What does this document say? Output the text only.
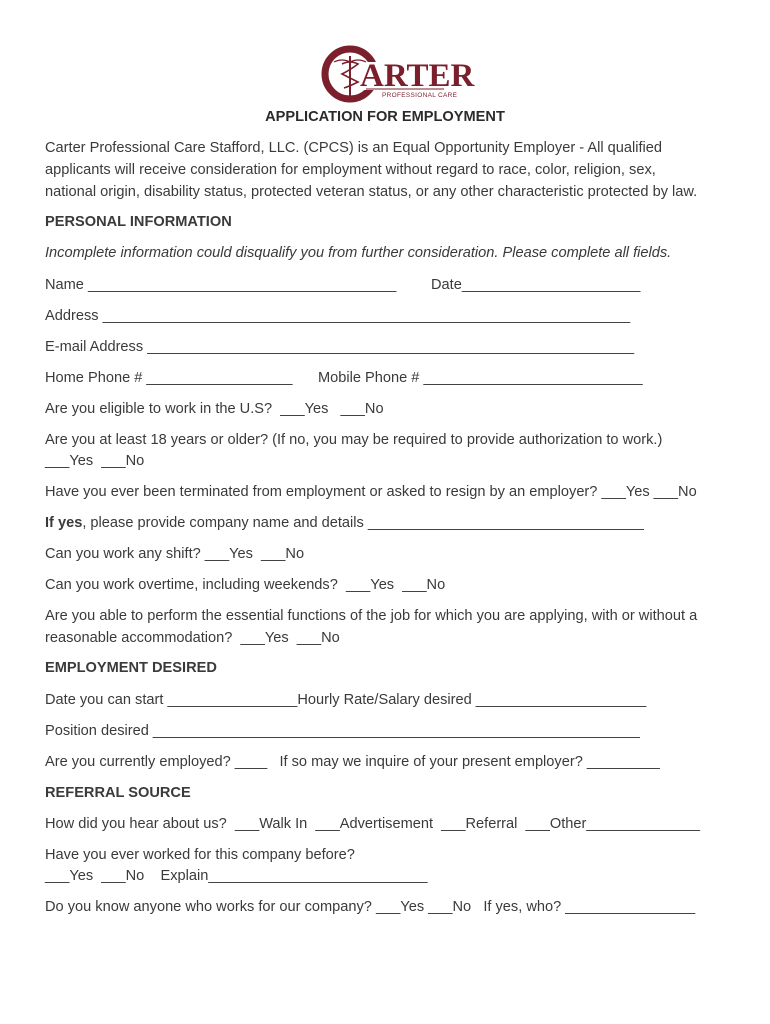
ARTER
PROFESSIONAL CARE
APPLICATION FOR EMPLOYMENT
Carter Professional Care Stafford, LLC. (CPCS) is an Equal Opportunity Employer - All qualified
applicants will receive consideration for employment without regard to race, color, religion, sex,
national origin, disability status, protected veteran status, or any other characteristic protected by law.
PERSONAL INFORMATION
Incomplete information could disqualify you from further consideration. Please complete all fields.
Name ______________________________________ Date______________________
Address _________________________________________________________________
E-mail Address ____________________________________________________________
Home Phone # __________________ Mobile Phone # ___________________________
Are you eligible to work in the U.S?  ___Yes   ___No
Are you at least 18 years or older? (If no, you may be required to provide authorization to work.)
___Yes  ___No
Have you ever been terminated from employment or asked to resign by an employer? ___Yes ___No
If yes, please provide company name and details __________________________________
Can you work any shift? ___Yes  ___No
Can you work overtime, including weekends?  ___Yes  ___No
Are you able to perform the essential functions of the job for which you are applying, with or without a
reasonable accommodation?  ___Yes  ___No
EMPLOYMENT DESIRED
Date you can start ________________Hourly Rate/Salary desired _____________________
Position desired ____________________________________________________________
Are you currently employed? ____   If so may we inquire of your present employer? _________
REFERRAL SOURCE
How did you hear about us?  ___Walk In  ___Advertisement  ___Referral  ___Other______________
Have you ever worked for this company before?
___Yes  ___No    Explain___________________________
Do you know anyone who works for our company? ___Yes ___No   If yes, who? ________________
